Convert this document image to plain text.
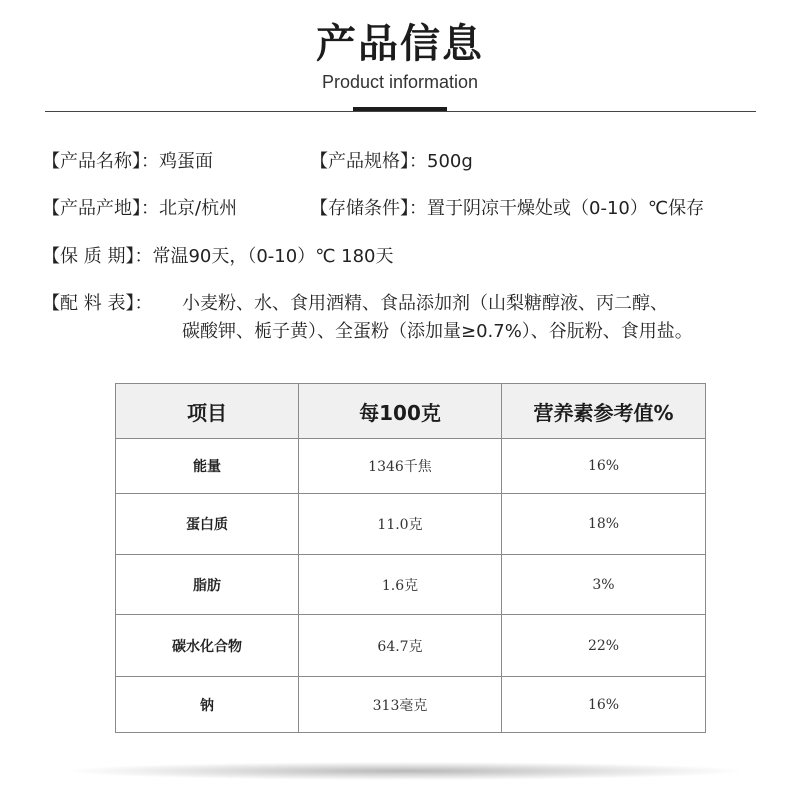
产品信息
Product information
【产品名称】：鸡蛋面	【产品规格】：500g
【产品产地】：北京/杭州	【存储条件】：置于阴凉干燥处或（0-10）℃保存
【保 质 期】：常温90天，（0-10）℃ 180天
【配 料 表】： 小麦粉、水、食用酒精、食品添加剂（山梨糖醇液、丙二醇、
碳酸钾、栀子黄）、全蛋粉（添加量≥0.7%）、谷朊粉、食用盐。
项目	每100克	营养素参考值%
能量	1346千焦	16%
蛋白质	11.0克	18%
脂肪	1.6克	3%
碳水化合物	64.7克	22%
钠	313毫克	16%
